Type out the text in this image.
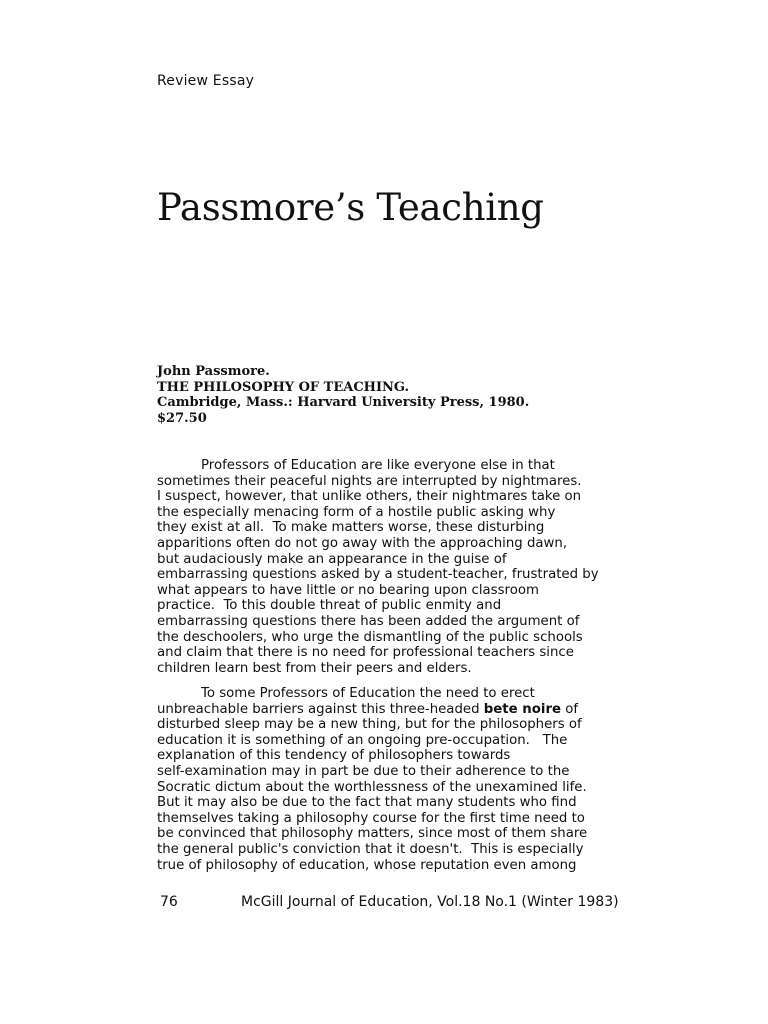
Review Essay
Passmore’s Teaching
John Passmore.
THE PHILOSOPHY OF TEACHING.
Cambridge, Mass.: Harvard University Press, 1980.
$27.50
Professors of Education are like everyone else in that
sometimes their peaceful nights are interrupted by nightmares.
I suspect, however, that unlike others, their nightmares take on
the especially menacing form of a hostile public asking why
they exist at all.  To make matters worse, these disturbing
apparitions often do not go away with the approaching dawn,
but audaciously make an appearance in the guise of
embarrassing questions asked by a student-teacher, frustrated by
what appears to have little or no bearing upon classroom
practice.  To this double threat of public enmity and
embarrassing questions there has been added the argument of
the deschoolers, who urge the dismantling of the public schools
and claim that there is no need for professional teachers since
children learn best from their peers and elders.
To some Professors of Education the need to erect
unbreachable barriers against this three-headed bete noire of
disturbed sleep may be a new thing, but for the philosophers of
education it is something of an ongoing pre-occupation.   The
explanation of this tendency of philosophers towards
self-examination may in part be due to their adherence to the
Socratic dictum about the worthlessness of the unexamined life.
But it may also be due to the fact that many students who find
themselves taking a philosophy course for the first time need to
be convinced that philosophy matters, since most of them share
the general public's conviction that it doesn't.  This is especially
true of philosophy of education, whose reputation even among
76	McGill Journal of Education, Vol.18 No.1 (Winter 1983)
